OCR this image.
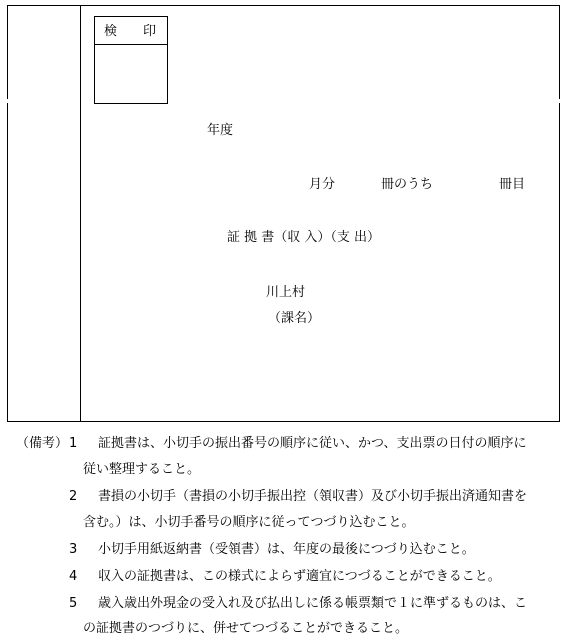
検　　印
年度
月分	冊のうち	冊目
証 拠 書（収 入）（支 出）
川上村
（課名）
（備考） 1 証拠書は、小切手の振出番号の順序に従い、かつ、支出票の日付の順序に
従い整理すること。
2 書損の小切手（書損の小切手振出控（領収書）及び小切手振出済通知書を
含む。）は、小切手番号の順序に従ってつづり込むこと。
3 小切手用紙返納書（受領書）は、年度の最後につづり込むこと。
4 収入の証拠書は、この様式によらず適宜につづることができること。
5 歳入歳出外現金の受入れ及び払出しに係る帳票類で１に準ずるものは、こ
の証拠書のつづりに、併せてつづることができること。
